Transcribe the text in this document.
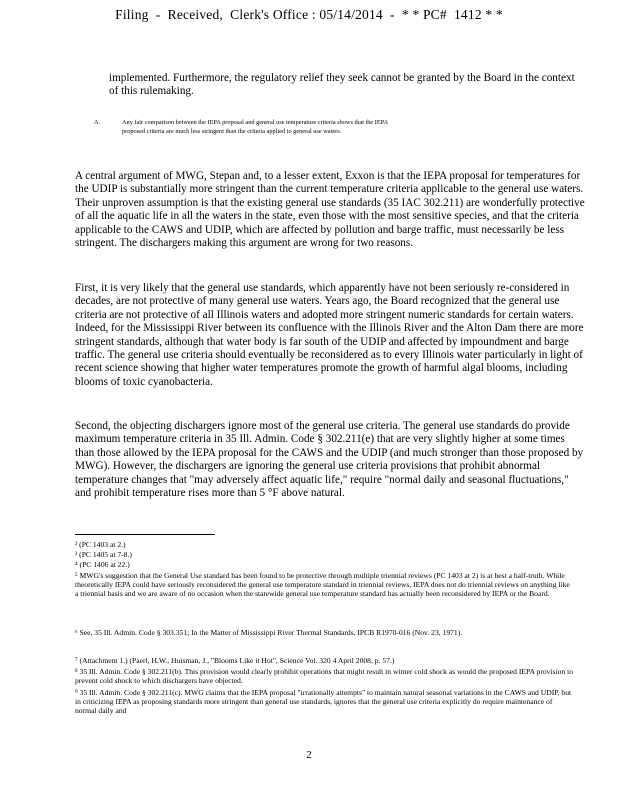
Filing  -  Received, Clerk's Office : 05/14/2014  -  * * PC# 1412 * *

implemented. Furthermore, the regulatory relief they seek cannot be granted by the Board in the context of this rulemaking.

A.	Any fair comparison between the IEPA proposal and general use temperature criteria shows that the IEPA proposed criteria are much less stringent than the criteria applied to general use waters.

A central argument of MWG, Stepan and, to a lesser extent, Exxon is that the IEPA proposal for temperatures for the UDIP is substantially more stringent than the current temperature criteria applicable to the general use waters. Their unproven assumption is that the existing general use standards (35 IAC 302.211) are wonderfully protective of all the aquatic life in all the waters in the state, even those with the most sensitive species, and that the criteria applicable to the CAWS and UDIP, which are affected by pollution and barge traffic, must necessarily be less stringent. The dischargers making this argument are wrong for two reasons.

First, it is very likely that the general use standards, which apparently have not been seriously re-considered in decades, are not protective of many general use waters. Years ago, the Board recognized that the general use criteria are not protective of all Illinois waters and adopted more stringent numeric standards for certain waters. Indeed, for the Mississippi River between its confluence with the Illinois River and the Alton Dam there are more stringent standards, although that water body is far south of the UDIP and affected by impoundment and barge traffic. The general use criteria should eventually be reconsidered as to every Illinois water particularly in light of recent science showing that higher water temperatures promote the growth of harmful algal blooms, including blooms of toxic cyanobacteria.

Second, the objecting dischargers ignore most of the general use criteria. The general use standards do provide maximum temperature criteria in 35 Ill. Admin. Code § 302.211(e) that are very slightly higher at some times than those allowed by the IEPA proposal for the CAWS and the UDIP (and much stronger than those proposed by MWG). However, the dischargers are ignoring the general use criteria provisions that prohibit abnormal temperature changes that "may adversely affect aquatic life," require "normal daily and seasonal fluctuations," and prohibit temperature rises more than 5 °F above natural.

² (PC 1403 at 2.)

³ (PC 1405 at 7-8.)

⁴ (PC 1406 at 22.)

⁵ MWG's suggestion that the General Use standard has been found to be protective through multiple triennial reviews (PC 1403 at 2) is at best a half-truth. While theoretically IEPA could have seriously reconsidered the general use temperature standard in triennial reviews, IEPA does not do triennial reviews on anything like a triennial basis and we are aware of no occasion when the statewide general use temperature standard has actually been reconsidered by IEPA or the Board.

⁶ See, 35 Ill. Admin. Code § 303.351; In the Matter of Mississippi River Thermal Standards, IPCB R1970-016 (Nov. 23, 1971).

⁷ (Attachment 1.) (Paerl, H.W., Huisman, J., "Blooms Like it Hot", Science Vol. 320 4 April 2008, p. 57.)

⁸ 35 Ill. Admin. Code § 302.211(b). This provision would clearly prohibit operations that might result in winter cold shock as would the proposed IEPA provision to prevent cold shock to which dischargers have objected.

⁹ 35 Ill. Admin. Code § 302.211(c). MWG claims that the IEPA proposal "irrationally attempts" to maintain natural seasonal variations in the CAWS and UDIP, but in criticizing IEPA as proposing standards more stringent than general use standards, ignores that the general use criteria explicitly do require maintenance of normal daily and

2
